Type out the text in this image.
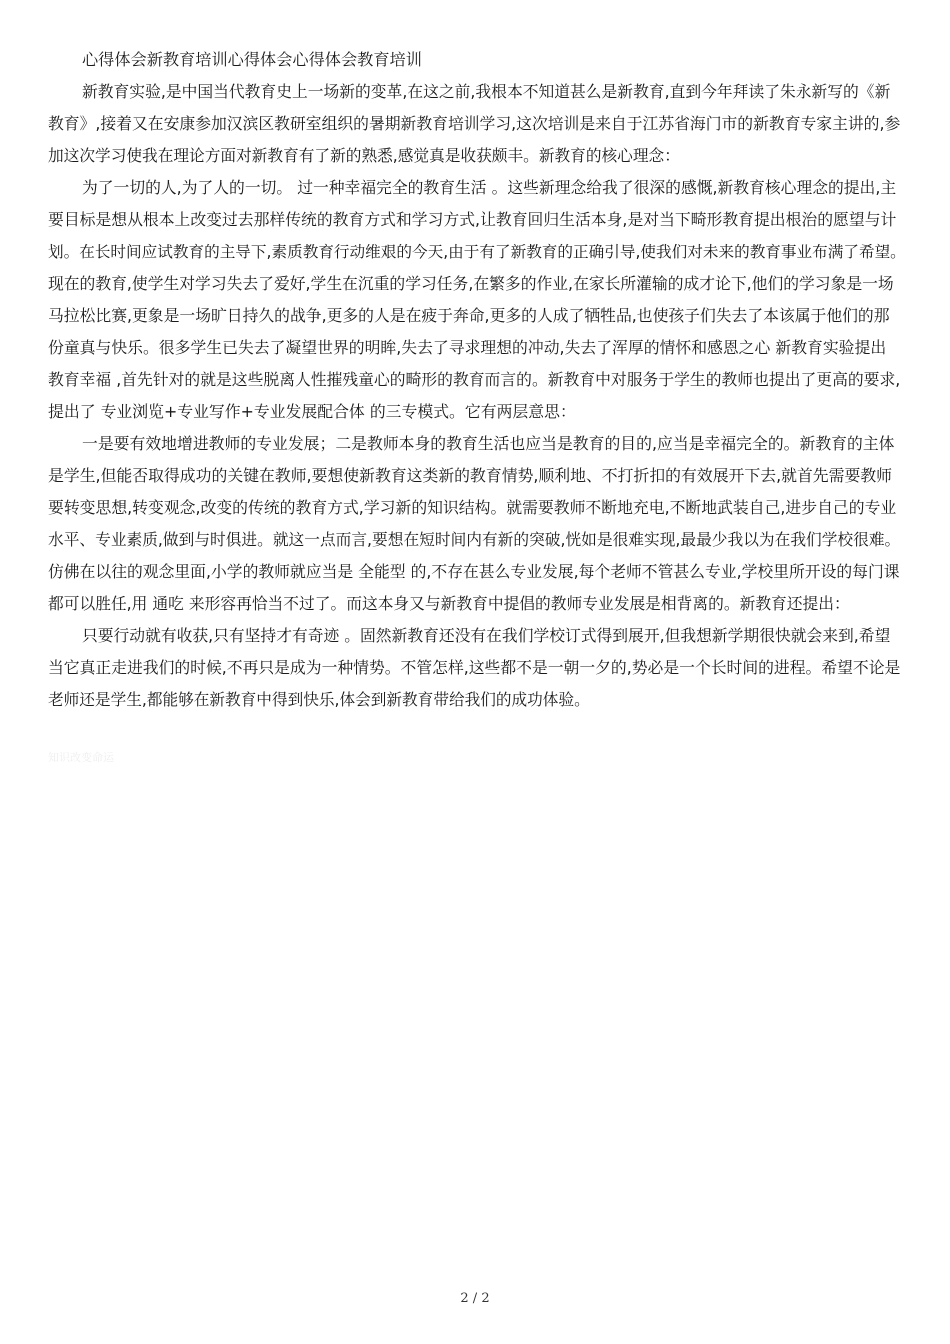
心得体会新教育培训心得体会心得体会教育培训
新教育实验,是中国当代教育史上一场新的变革,在这之前,我根本不知道甚么是新教育,直到今年拜读了朱永新写的《新
教育》,接着又在安康参加汉滨区教研室组织的暑期新教育培训学习,这次培训是来自于江苏省海门市的新教育专家主讲的,参
加这次学习使我在理论方面对新教育有了新的熟悉,感觉真是收获颇丰。新教育的核心理念：
为了一切的人,为了人的一切。 过一种幸福完全的教育生活 。这些新理念给我了很深的感慨,新教育核心理念的提出,主
要目标是想从根本上改变过去那样传统的教育方式和学习方式,让教育回归生活本身,是对当下畸形教育提出根治的愿望与计
划。在长时间应试教育的主导下,素质教育行动维艰的今天,由于有了新教育的正确引导,使我们对未来的教育事业布满了希望。
现在的教育,使学生对学习失去了爱好,学生在沉重的学习任务,在繁多的作业,在家长所灌输的成才论下,他们的学习象是一场
马拉松比赛,更象是一场旷日持久的战争,更多的人是在疲于奔命,更多的人成了牺牲品,也使孩子们失去了本该属于他们的那
份童真与快乐。很多学生已失去了凝望世界的明眸,失去了寻求理想的冲动,失去了浑厚的情怀和感恩之心 新教育实验提出
教育幸福 ,首先针对的就是这些脱离人性摧残童心的畸形的教育而言的。新教育中对服务于学生的教师也提出了更高的要求,
提出了 专业浏览+专业写作+专业发展配合体 的三专模式。它有两层意思：
一是要有效地增进教师的专业发展；二是教师本身的教育生活也应当是教育的目的,应当是幸福完全的。新教育的主体
是学生,但能否取得成功的关键在教师,要想使新教育这类新的教育情势,顺利地、不打折扣的有效展开下去,就首先需要教师
要转变思想,转变观念,改变的传统的教育方式,学习新的知识结构。就需要教师不断地充电,不断地武装自己,进步自己的专业
水平、专业素质,做到与时俱进。就这一点而言,要想在短时间内有新的突破,恍如是很难实现,最最少我以为在我们学校很难。
仿佛在以往的观念里面,小学的教师就应当是 全能型 的,不存在甚么专业发展,每个老师不管甚么专业,学校里所开设的每门课
都可以胜任,用 通吃 来形容再恰当不过了。而这本身又与新教育中提倡的教师专业发展是相背离的。新教育还提出：
只要行动就有收获,只有坚持才有奇迹 。固然新教育还没有在我们学校订式得到展开,但我想新学期很快就会来到,希望
当它真正走进我们的时候,不再只是成为一种情势。不管怎样,这些都不是一朝一夕的,势必是一个长时间的进程。希望不论是
老师还是学生,都能够在新教育中得到快乐,体会到新教育带给我们的成功体验。
知识改变命运
2 / 2
